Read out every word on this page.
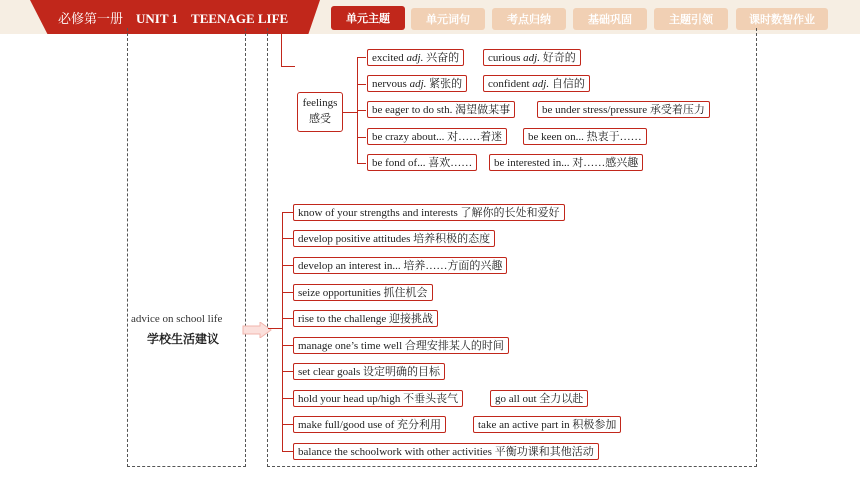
必修第一册 UNIT 1 TEENAGE LIFE	单元主题	单元词句	考点归纳	基础巩固	主题引领	课时数智作业
advice on school life
学校生活建议
feelings
感受
excited adj. 兴奋的	curious adj. 好奇的
nervous adj. 紧张的	confident adj. 自信的
be eager to do sth. 渴望做某事	be under stress/pressure 承受着压力
be crazy about... 对……着迷	be keen on... 热衷于……
be fond of... 喜欢……	be interested in... 对……感兴趣
know of your strengths and interests 了解你的长处和爱好
develop positive attitudes 培养积极的态度
develop an interest in... 培养……方面的兴趣
seize opportunities 抓住机会
rise to the challenge 迎接挑战
manage one’s time well 合理安排某人的时间
set clear goals 设定明确的目标
hold your head up/high 不垂头丧气	go all out 全力以赴
make full/good use of 充分利用	take an active part in 积极参加
balance the schoolwork with other activities 平衡功课和其他活动
